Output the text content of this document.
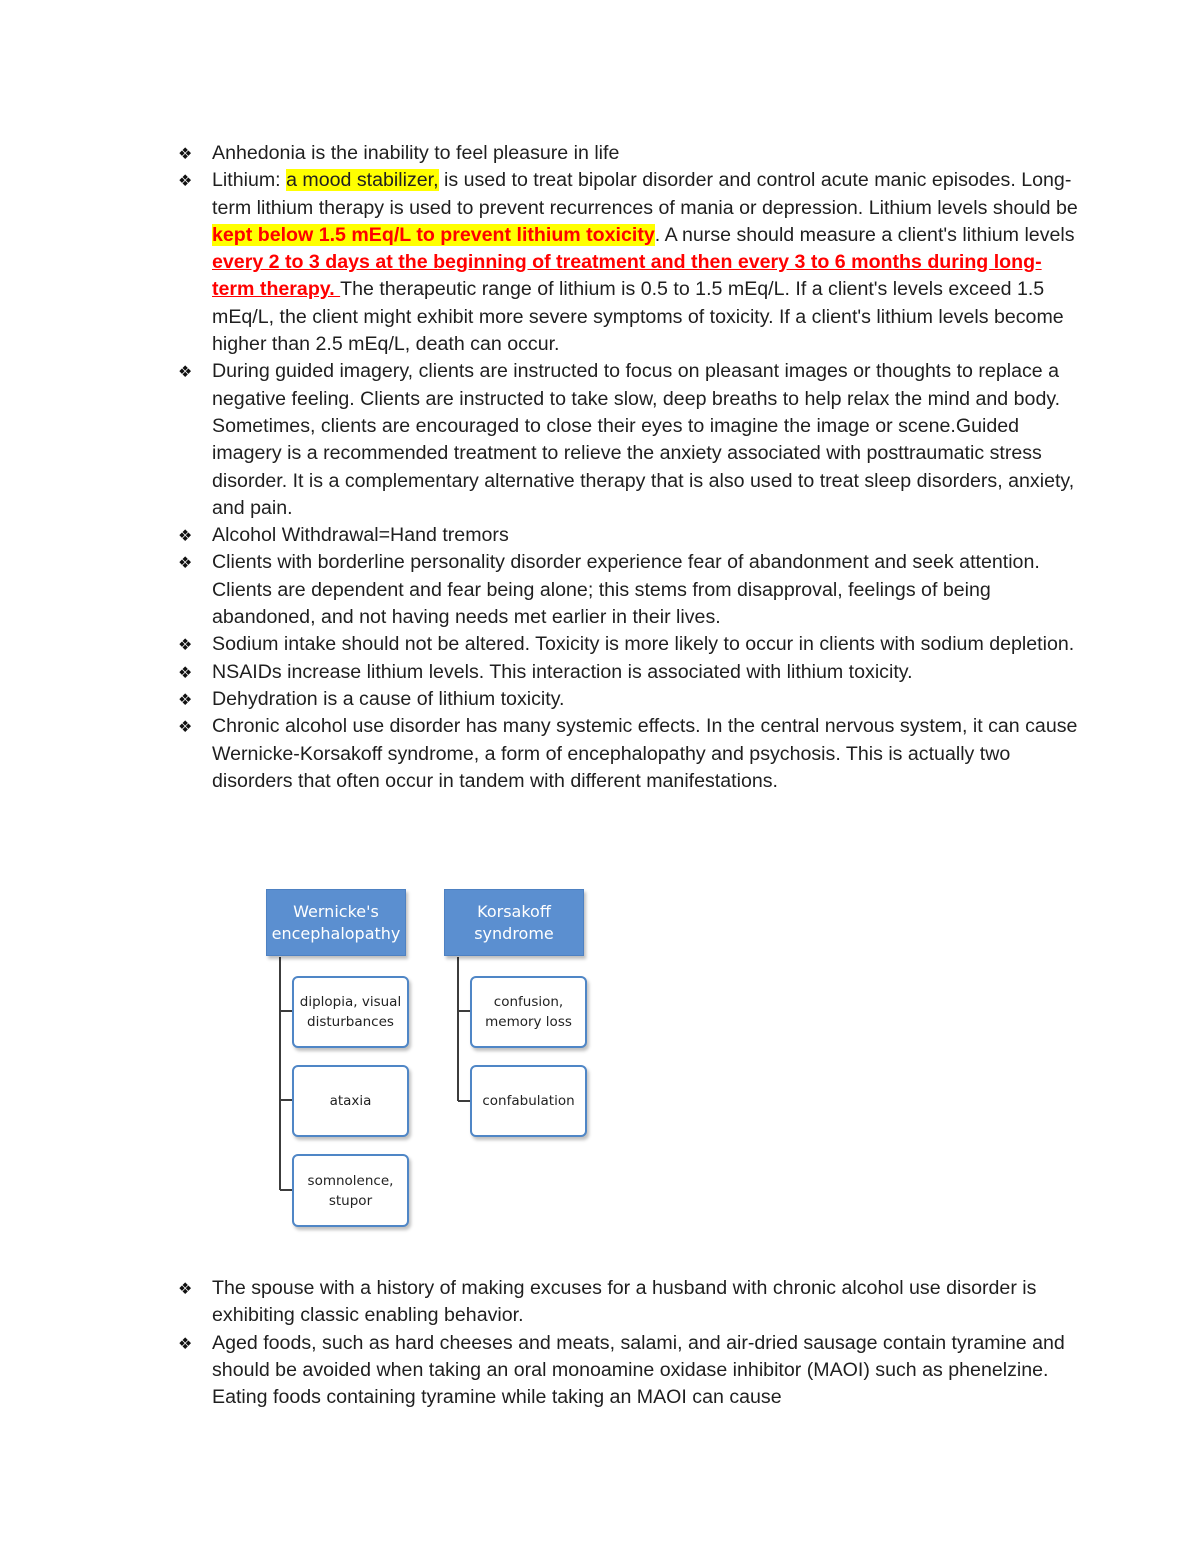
❖ Anhedonia is the inability to feel pleasure in life
❖ Lithium: a mood stabilizer, is used to treat bipolar disorder and control acute manic episodes. Long-term lithium therapy is used to prevent recurrences of mania or depression. Lithium levels should be kept below 1.5 mEq/L to prevent lithium toxicity. A nurse should measure a client's lithium levels every 2 to 3 days at the beginning of treatment and then every 3 to 6 months during long-term therapy. The therapeutic range of lithium is 0.5 to 1.5 mEq/L. If a client's levels exceed 1.5 mEq/L, the client might exhibit more severe symptoms of toxicity. If a client's lithium levels become higher than 2.5 mEq/L, death can occur.
❖ During guided imagery, clients are instructed to focus on pleasant images or thoughts to replace a negative feeling. Clients are instructed to take slow, deep breaths to help relax the mind and body. Sometimes, clients are encouraged to close their eyes to imagine the image or scene.Guided imagery is a recommended treatment to relieve the anxiety associated with posttraumatic stress disorder. It is a complementary alternative therapy that is also used to treat sleep disorders, anxiety, and pain.
❖ Alcohol Withdrawal=Hand tremors
❖ Clients with borderline personality disorder experience fear of abandonment and seek attention. Clients are dependent and fear being alone; this stems from disapproval, feelings of being abandoned, and not having needs met earlier in their lives.
❖ Sodium intake should not be altered. Toxicity is more likely to occur in clients with sodium depletion.
❖ NSAIDs increase lithium levels. This interaction is associated with lithium toxicity.
❖ Dehydration is a cause of lithium toxicity.
❖ Chronic alcohol use disorder has many systemic effects. In the central nervous system, it can cause Wernicke-Korsakoff syndrome, a form of encephalopathy and psychosis. This is actually two disorders that often occur in tandem with different manifestations.
Wernicke's
encephalopathy
Korsakoff
syndrome
diplopia, visual
disturbances
ataxia
somnolence,
stupor
confusion,
memory loss
confabulation
❖ The spouse with a history of making excuses for a husband with chronic alcohol use disorder is exhibiting classic enabling behavior.
❖ Aged foods, such as hard cheeses and meats, salami, and air-dried sausage contain tyramine and should be avoided when taking an oral monoamine oxidase inhibitor (MAOI) such as phenelzine. Eating foods containing tyramine while taking an MAOI can cause
